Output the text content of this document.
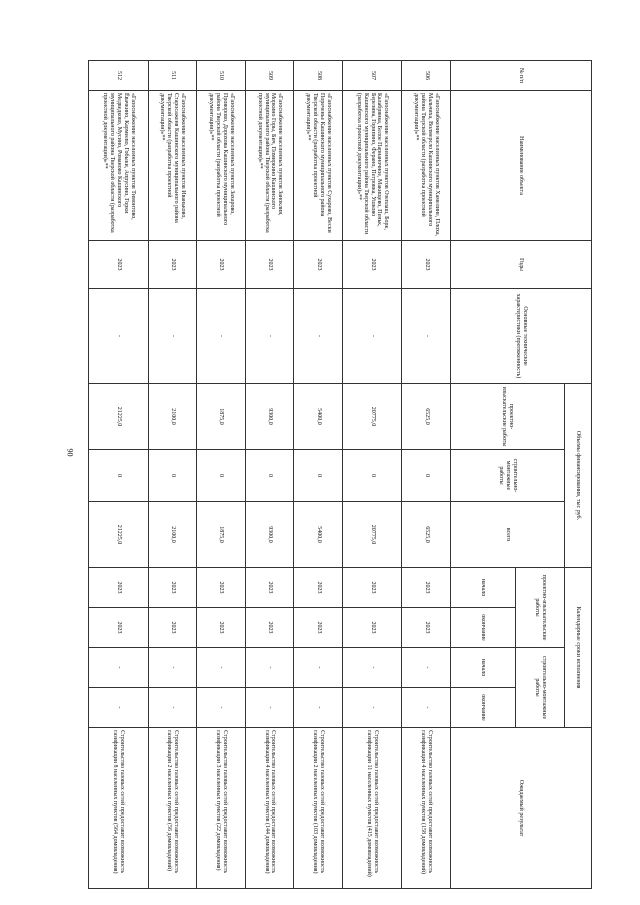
90
№ п/п	Наименование объекта	Годы	Основные технические характеристики (протяженность)	Объемы финансирования, тыс руб.			Календарные сроки исполнения				Ожидаемый результат
				проектно-изыскательские работы	строительно-монтажные работы	всего	проектно-изыскательские работы		строительно-монтажные работы		
							начало	окончание	начало	окончание	
506	«Газоснабжение населенных пунктов Хамелине, Плоха, Мальчиха, Волмерсло Кашинского муниципального района Тверской области (разработка проектной документации)»**	2023	-	6525,0	0	6525,0	2023	2023	-	-	Строительство газовых сетей предоставит возможность газификации 4 населенных пунктов (158 домовладений)
507	«Газоснабжение населенных пунктов Озеплаш, Борк, Калабрянка, Белое Парнаночное, Макищево, Пеньк, Березина, Горипино, Ферано, Петровка, Ушково Кашинского муниципального района Тверской области (разработка проектной документации)»**	2023	-	20775,0	0	20775,0	2023	2023	-	-	Строительство газовых сетей предоставит возможность газификации 11 населенных пунктов (415 домовладений)
508	«Газоснабжение населенных пунктов Сухарево, Вески Пореченье Кашинского муниципального района Тверской области (разработка проектной документации)»**	2023	-	5400,0	0	5400,0	2023	2023	-	-	Строительство газовых сетей предоставит возможность газификации 2 населенных пунктов (103 домовладения)
509	«Газоснабжение населенных пунктов Заноклия, Моркино Горы, Бич, Помиркино Кашинского муниципального района Тверской области (разработка проектной документации)»**	2023	-	9300,0	0	9300,0	2023	2023	-	-	Строительство газовых сетей предоставит возможность газификации 4 населенных пунктов (144 домовладения)
510	«Газоснабжение населенных пунктов Захарово, Проворово, Дорохова Кашинского муниципального района Тверской области (разработка проектной документации)»**	2023	-	1875,0	0	1875,0	2023	2023	-	-	Строительство газовых сетей предоставит возможность газификации 3 населенных пунктов (22 домовладения)
511	«Газоснабжение населенных пунктов Иваньково, Старосаженя Кашинского муниципального района Тверской области (разработка проектной документации)»**	2023	-	2100,0	0	2100,0	2023	2023	-	-	Строительство газовых сетей предоставит возможность газификации 2 населенных пунктов (56 домовладений)
512	«Газоснабжение населенных пунктов Тимонтово, Ёвачкино, Кармеево, Гобыки, Апрусино, Горки Медведково, Мусино, Романово Кашинского муниципального района Тверской области (разработка проектной документации)»**	2023	-	21225,0	0	21225,0	2023	2023	-	-	Строительство газовых сетей предоставит возможность газификации 8 населенных пунктов (564 домовладения)
